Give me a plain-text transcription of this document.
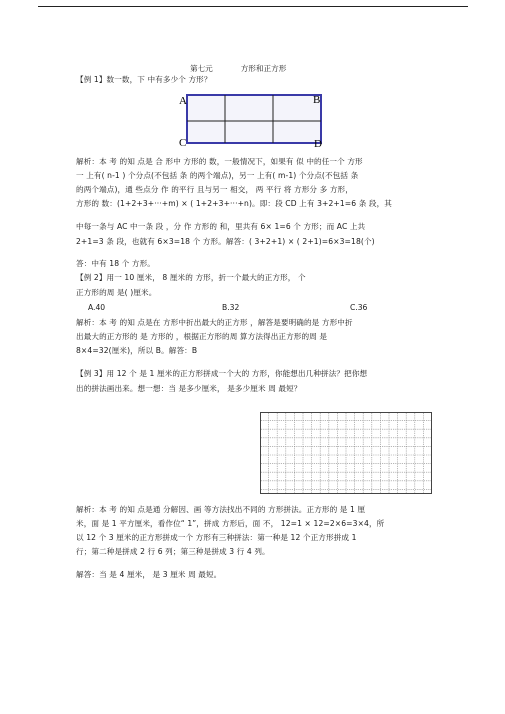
第七元	方形和正方形
【例 1】数一数，下 中有多少个 方形？
A	B
C	D
解析：本 考 的知 点是 合 形中 方形的 数，一般情况下，如果有 似 中的任一个 方形
一 上有( n-1 ) 个分点(不包括 条 的两个端点)，另一 上有( m-1) 个分点(不包括 条
的两个端点)，通 些点分 作 的平行 且与另一 相交， 两 平行 将 方形分 多 方形，
方形的 数：(1+2+3+···+m) × ( 1+2+3+···+n)。即：段 CD 上有 3+2+1=6 条 段，其
中每一条与 AC 中一条 段 ，分 作 方形的 和，里共有 6× 1=6 个 方形；而 AC 上共
2+1=3 条 段，也就有 6×3=18 个 方形。解答：( 3+2+1) × ( 2+1)=6×3=18(个)
答：中有 18 个 方形。
【例 2】用一 10 厘米， 8 厘米的 方形，折一个最大的正方形， 个
正方形的周 是( )厘米。
A.40	B.32	C.36
解析：本 考 的知 点是在 方形中折出最大的正方形 ，解答是要明确的是 方形中折
出最大的正方形的 是 方形的 ，根据正方形的周 算方法得出正方形的周 是
8×4=32(厘米)，所以 B。解答：B
【例 3】用 12 个 是 1 厘米的正方形拼成一个大的 方形，你能想出几种拼法？把你想
出的拼法画出来。想一想：当 是多少厘米， 是多少厘米 周 最短？
解析：本 考 的知 点是通 分解因、画 等方法找出不同的 方形拼法。正方形的 是 1 厘
米，面 是 1 平方厘米，看作位“ 1”，拼成 方形后，面 不， 12=1 × 12=2×6=3×4，所
以 12 个 3 厘米的正方形拼成一个 方形有三种拼法：第一种是 12 个正方形拼成 1
行；第二种是拼成 2 行 6 列；第三种是拼成 3 行 4 列。
解答：当 是 4 厘米， 是 3 厘米 周 最短。
